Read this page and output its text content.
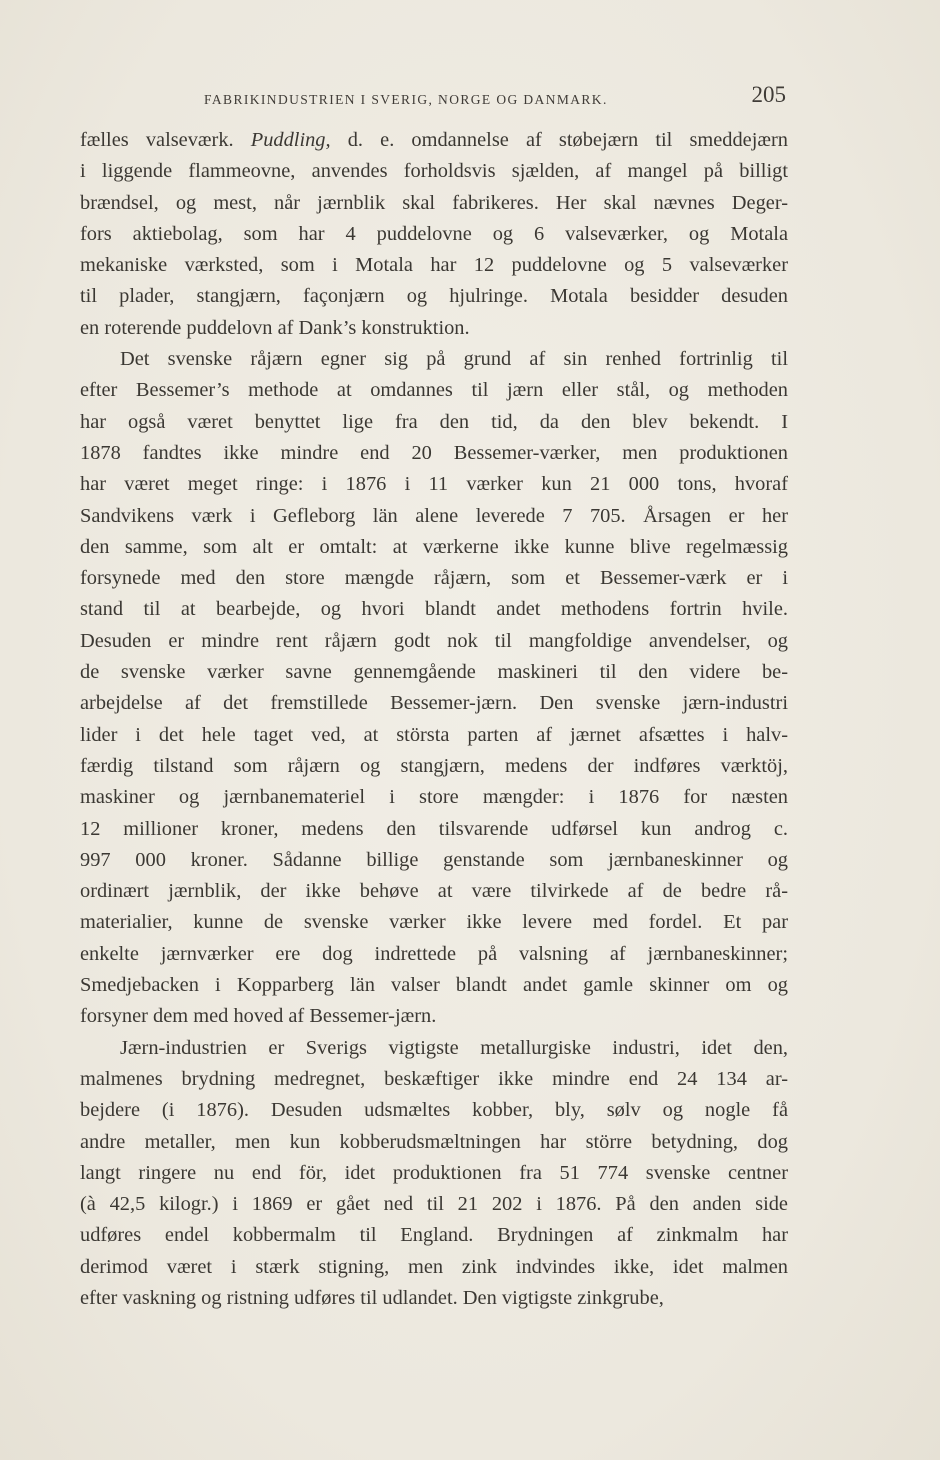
FABRIKINDUSTRIEN I SVERIG, NORGE OG DANMARK.	205
fælles valseværk. Puddling, d. e. omdannelse af støbejærn til smeddejærn
i liggende flammeovne, anvendes forholdsvis sjælden, af mangel på billigt
brændsel, og mest, når jærnblik skal fabrikeres. Her skal nævnes Deger-
fors aktiebolag, som har 4 puddelovne og 6 valseværker, og Motala
mekaniske værksted, som i Motala har 12 puddelovne og 5 valseværker
til plader, stangjærn, façonjærn og hjulringe. Motala besidder desuden
en roterende puddelovn af Dank’s konstruktion.
Det svenske råjærn egner sig på grund af sin renhed fortrinlig til
efter Bessemer’s methode at omdannes til jærn eller stål, og methoden
har også været benyttet lige fra den tid, da den blev bekendt. I
1878 fandtes ikke mindre end 20 Bessemer-værker, men produktionen
har været meget ringe: i 1876 i 11 værker kun 21 000 tons, hvoraf
Sandvikens værk i Gefleborg län alene leverede 7 705. Årsagen er her
den samme, som alt er omtalt: at værkerne ikke kunne blive regelmæssig
forsynede med den store mængde råjærn, som et Bessemer-værk er i
stand til at bearbejde, og hvori blandt andet methodens fortrin hvile.
Desuden er mindre rent råjærn godt nok til mangfoldige anvendelser, og
de svenske værker savne gennemgående maskineri til den videre be-
arbejdelse af det fremstillede Bessemer-jærn. Den svenske jærn-industri
lider i det hele taget ved, at största parten af jærnet afsættes i halv-
færdig tilstand som råjærn og stangjærn, medens der indføres værktöj,
maskiner og jærnbanemateriel i store mængder: i 1876 for næsten
12 millioner kroner, medens den tilsvarende udførsel kun androg c.
997 000 kroner. Sådanne billige genstande som jærnbaneskinner og
ordinært jærnblik, der ikke behøve at være tilvirkede af de bedre rå-
materialier, kunne de svenske værker ikke levere med fordel. Et par
enkelte jærnværker ere dog indrettede på valsning af jærnbaneskinner;
Smedjebacken i Kopparberg län valser blandt andet gamle skinner om og
forsyner dem med hoved af Bessemer-jærn.
Jærn-industrien er Sverigs vigtigste metallurgiske industri, idet den,
malmenes brydning medregnet, beskæftiger ikke mindre end 24 134 ar-
bejdere (i 1876). Desuden udsmæltes kobber, bly, sølv og nogle få
andre metaller, men kun kobberudsmæltningen har större betydning, dog
langt ringere nu end för, idet produktionen fra 51 774 svenske centner
(à 42,5 kilogr.) i 1869 er gået ned til 21 202 i 1876. På den anden side
udføres endel kobbermalm til England. Brydningen af zinkmalm har
derimod været i stærk stigning, men zink indvindes ikke, idet malmen
efter vaskning og ristning udføres til udlandet. Den vigtigste zinkgrube,
